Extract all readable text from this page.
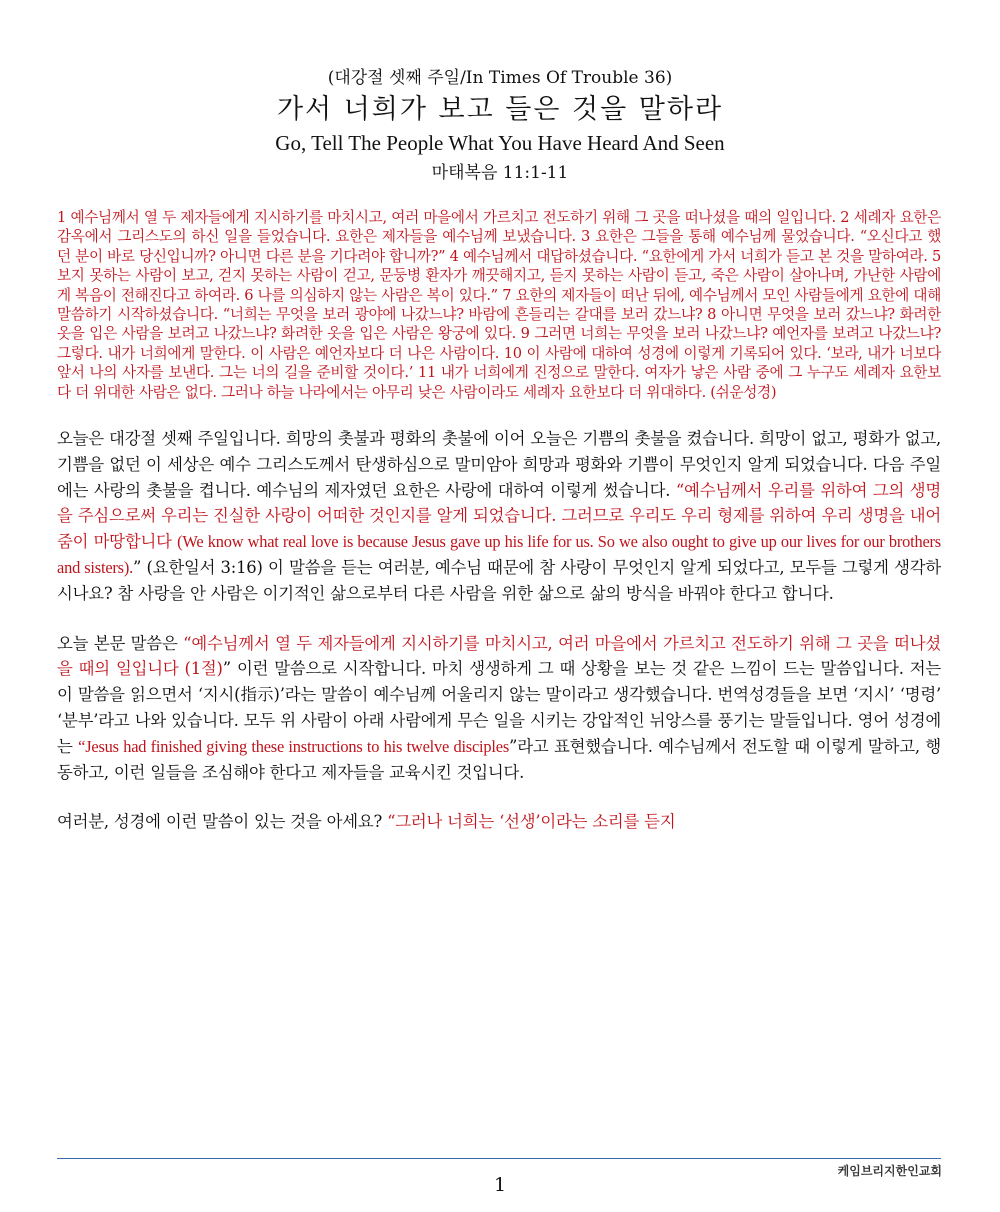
(대강절 셋째 주일/In Times Of Trouble 36)
가서 너희가 보고 들은 것을 말하라
Go, Tell The People What You Have Heard And Seen
마태복음 11:1-11

1 예수님께서 열 두 제자들에게 지시하기를 마치시고, 여러 마을에서 가르치고 전도하기 위해 그 곳을 떠나셨을 때의 일입니다. 2 세례자 요한은 감옥에서 그리스도의 하신 일을 들었습니다. 요한은 제자들을 예수님께 보냈습니다. 3 요한은 그들을 통해 예수님께 물었습니다. “오신다고 했던 분이 바로 당신입니까? 아니면 다른 분을 기다려야 합니까?” 4 예수님께서 대답하셨습니다. “요한에게 가서 너희가 듣고 본 것을 말하여라. 5 보지 못하는 사람이 보고, 걷지 못하는 사람이 걷고, 문둥병 환자가 깨끗해지고, 듣지 못하는 사람이 듣고, 죽은 사람이 살아나며, 가난한 사람에게 복음이 전해진다고 하여라. 6 나를 의심하지 않는 사람은 복이 있다.” 7 요한의 제자들이 떠난 뒤에, 예수님께서 모인 사람들에게 요한에 대해 말씀하기 시작하셨습니다. “너희는 무엇을 보러 광야에 나갔느냐? 바람에 흔들리는 갈대를 보러 갔느냐? 8 아니면 무엇을 보러 갔느냐? 화려한 옷을 입은 사람을 보려고 나갔느냐? 화려한 옷을 입은 사람은 왕궁에 있다. 9 그러면 너희는 무엇을 보러 나갔느냐? 예언자를 보려고 나갔느냐? 그렇다. 내가 너희에게 말한다. 이 사람은 예언자보다 더 나은 사람이다. 10 이 사람에 대하여 성경에 이렇게 기록되어 있다. ‘보라, 내가 너보다 앞서 나의 사자를 보낸다. 그는 너의 길을 준비할 것이다.’ 11 내가 너희에게 진정으로 말한다. 여자가 낳은 사람 중에 그 누구도 세례자 요한보다 더 위대한 사람은 없다. 그러나 하늘 나라에서는 아무리 낮은 사람이라도 세례자 요한보다 더 위대하다. (쉬운성경)

오늘은 대강절 셋째 주일입니다. 희망의 촛불과 평화의 촛불에 이어 오늘은 기쁨의 촛불을 켰습니다. 희망이 없고, 평화가 없고, 기쁨을 없던 이 세상은 예수 그리스도께서 탄생하심으로 말미암아 희망과 평화와 기쁨이 무엇인지 알게 되었습니다. 다음 주일에는 사랑의 촛불을 켭니다. 예수님의 제자였던 요한은 사랑에 대하여 이렇게 썼습니다. “예수님께서 우리를 위하여 그의 생명을 주심으로써 우리는 진실한 사랑이 어떠한 것인지를 알게 되었습니다. 그러므로 우리도 우리 형제를 위하여 우리 생명을 내어 줌이 마땅합니다 (We know what real love is because Jesus gave up his life for us. So we also ought to give up our lives for our brothers and sisters).” (요한일서 3:16) 이 말씀을 듣는 여러분, 예수님 때문에 참 사랑이 무엇인지 알게 되었다고, 모두들 그렇게 생각하시나요? 참 사랑을 안 사람은 이기적인 삶으로부터 다른 사람을 위한 삶으로 삶의 방식을 바꿔야 한다고 합니다.

오늘 본문 말씀은 “예수님께서 열 두 제자들에게 지시하기를 마치시고, 여러 마을에서 가르치고 전도하기 위해 그 곳을 떠나셨을 때의 일입니다 (1절)” 이런 말씀으로 시작합니다. 마치 생생하게 그 때 상황을 보는 것 같은 느낌이 드는 말씀입니다. 저는 이 말씀을 읽으면서 ‘지시(指示)’라는 말씀이 예수님께 어울리지 않는 말이라고 생각했습니다. 번역성경들을 보면 ‘지시’ ‘명령’ ‘분부’라고 나와 있습니다. 모두 위 사람이 아래 사람에게 무슨 일을 시키는 강압적인 뉘앙스를 풍기는 말들입니다. 영어 성경에는 “Jesus had finished giving these instructions to his twelve disciples”라고 표현했습니다. 예수님께서 전도할 때 이렇게 말하고, 행동하고, 이런 일들을 조심해야 한다고 제자들을 교육시킨 것입니다.

여러분, 성경에 이런 말씀이 있는 것을 아세요? “그러나 너희는 ‘선생’이라는 소리를 듣지

케임브리지한인교회
1
